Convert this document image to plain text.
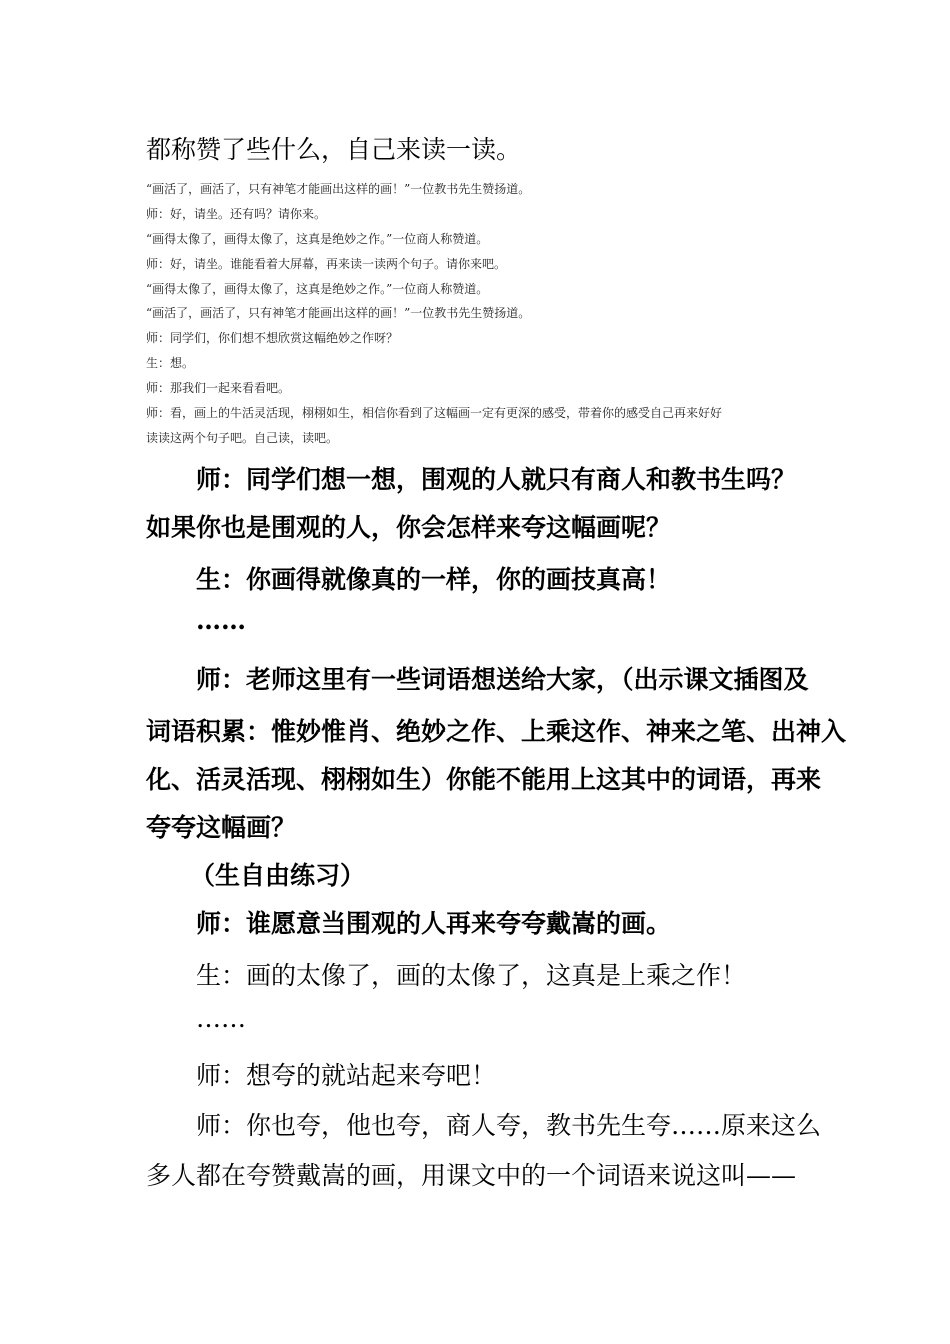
都称赞了些什么，自己来读一读。

“画活了，画活了，只有神笔才能画出这样的画！”一位教书先生赞扬道。

师：好，请坐。还有吗？请你来。

“画得太像了，画得太像了，这真是绝妙之作。”一位商人称赞道。

师：好，请坐。谁能看着大屏幕，再来读一读两个句子。请你来吧。

“画得太像了，画得太像了，这真是绝妙之作。”一位商人称赞道。

“画活了，画活了，只有神笔才能画出这样的画！”一位教书先生赞扬道。

师：同学们，你们想不想欣赏这幅绝妙之作呀？

生：想。

师：那我们一起来看看吧。

师：看，画上的牛活灵活现，栩栩如生，相信你看到了这幅画一定有更深的感受，带着你的感受自己再来好好

读读这两个句子吧。自己读，读吧。

师：同学们想一想，围观的人就只有商人和教书生吗？

如果你也是围观的人，你会怎样来夸这幅画呢？

生：你画得就像真的一样，你的画技真高！

……

师：老师这里有一些词语想送给大家，（出示课文插图及

词语积累：惟妙惟肖、绝妙之作、上乘这作、神来之笔、出神入

化、活灵活现、栩栩如生）你能不能用上这其中的词语，再来

夸夸这幅画？

（生自由练习）

师：谁愿意当围观的人再来夸夸戴嵩的画。

生：画的太像了，画的太像了，这真是上乘之作！

……

师：想夸的就站起来夸吧！

师：你也夸，他也夸，商人夸，教书先生夸……原来这么

多人都在夸赞戴嵩的画，用课文中的一个词语来说这叫——
